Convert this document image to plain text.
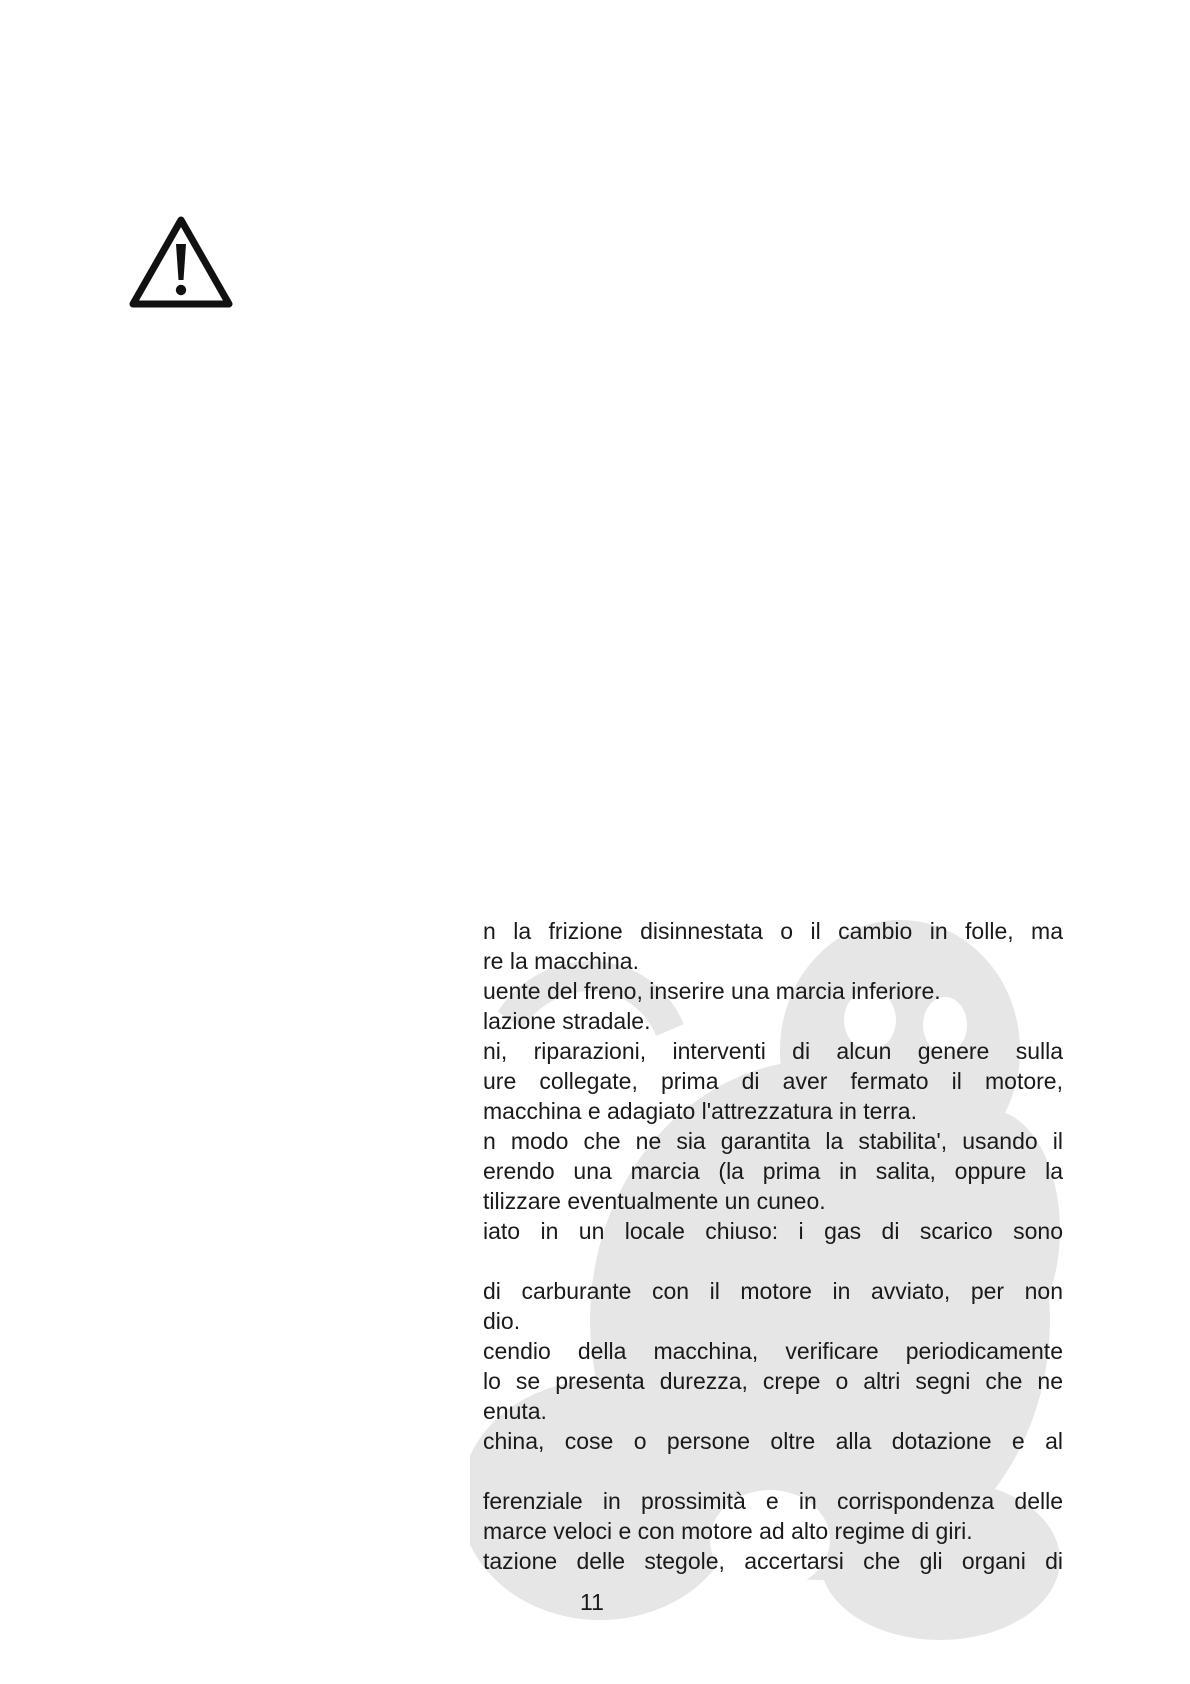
n la frizione disinnestata o il cambio in folle, ma
re la macchina.
uente del freno, inserire una marcia inferiore.
lazione stradale.
ni, riparazioni, interventi di alcun genere sulla
ure collegate, prima di aver fermato il motore,
macchina e adagiato l'attrezzatura in terra.
n modo che ne sia garantita la stabilita', usando il
erendo una marcia (la prima in salita, oppure la
tilizzare eventualmente un cuneo.
iato in un locale chiuso: i gas di scarico sono
di carburante con il motore in avviato, per non
dio.
cendio della macchina, verificare periodicamente
lo se presenta durezza, crepe o altri segni che ne
enuta.
china, cose o persone oltre alla dotazione e al
ferenziale in prossimità e in corrispondenza delle
marce veloci e con motore ad alto regime di giri.
tazione delle stegole, accertarsi che gli organi di
11
